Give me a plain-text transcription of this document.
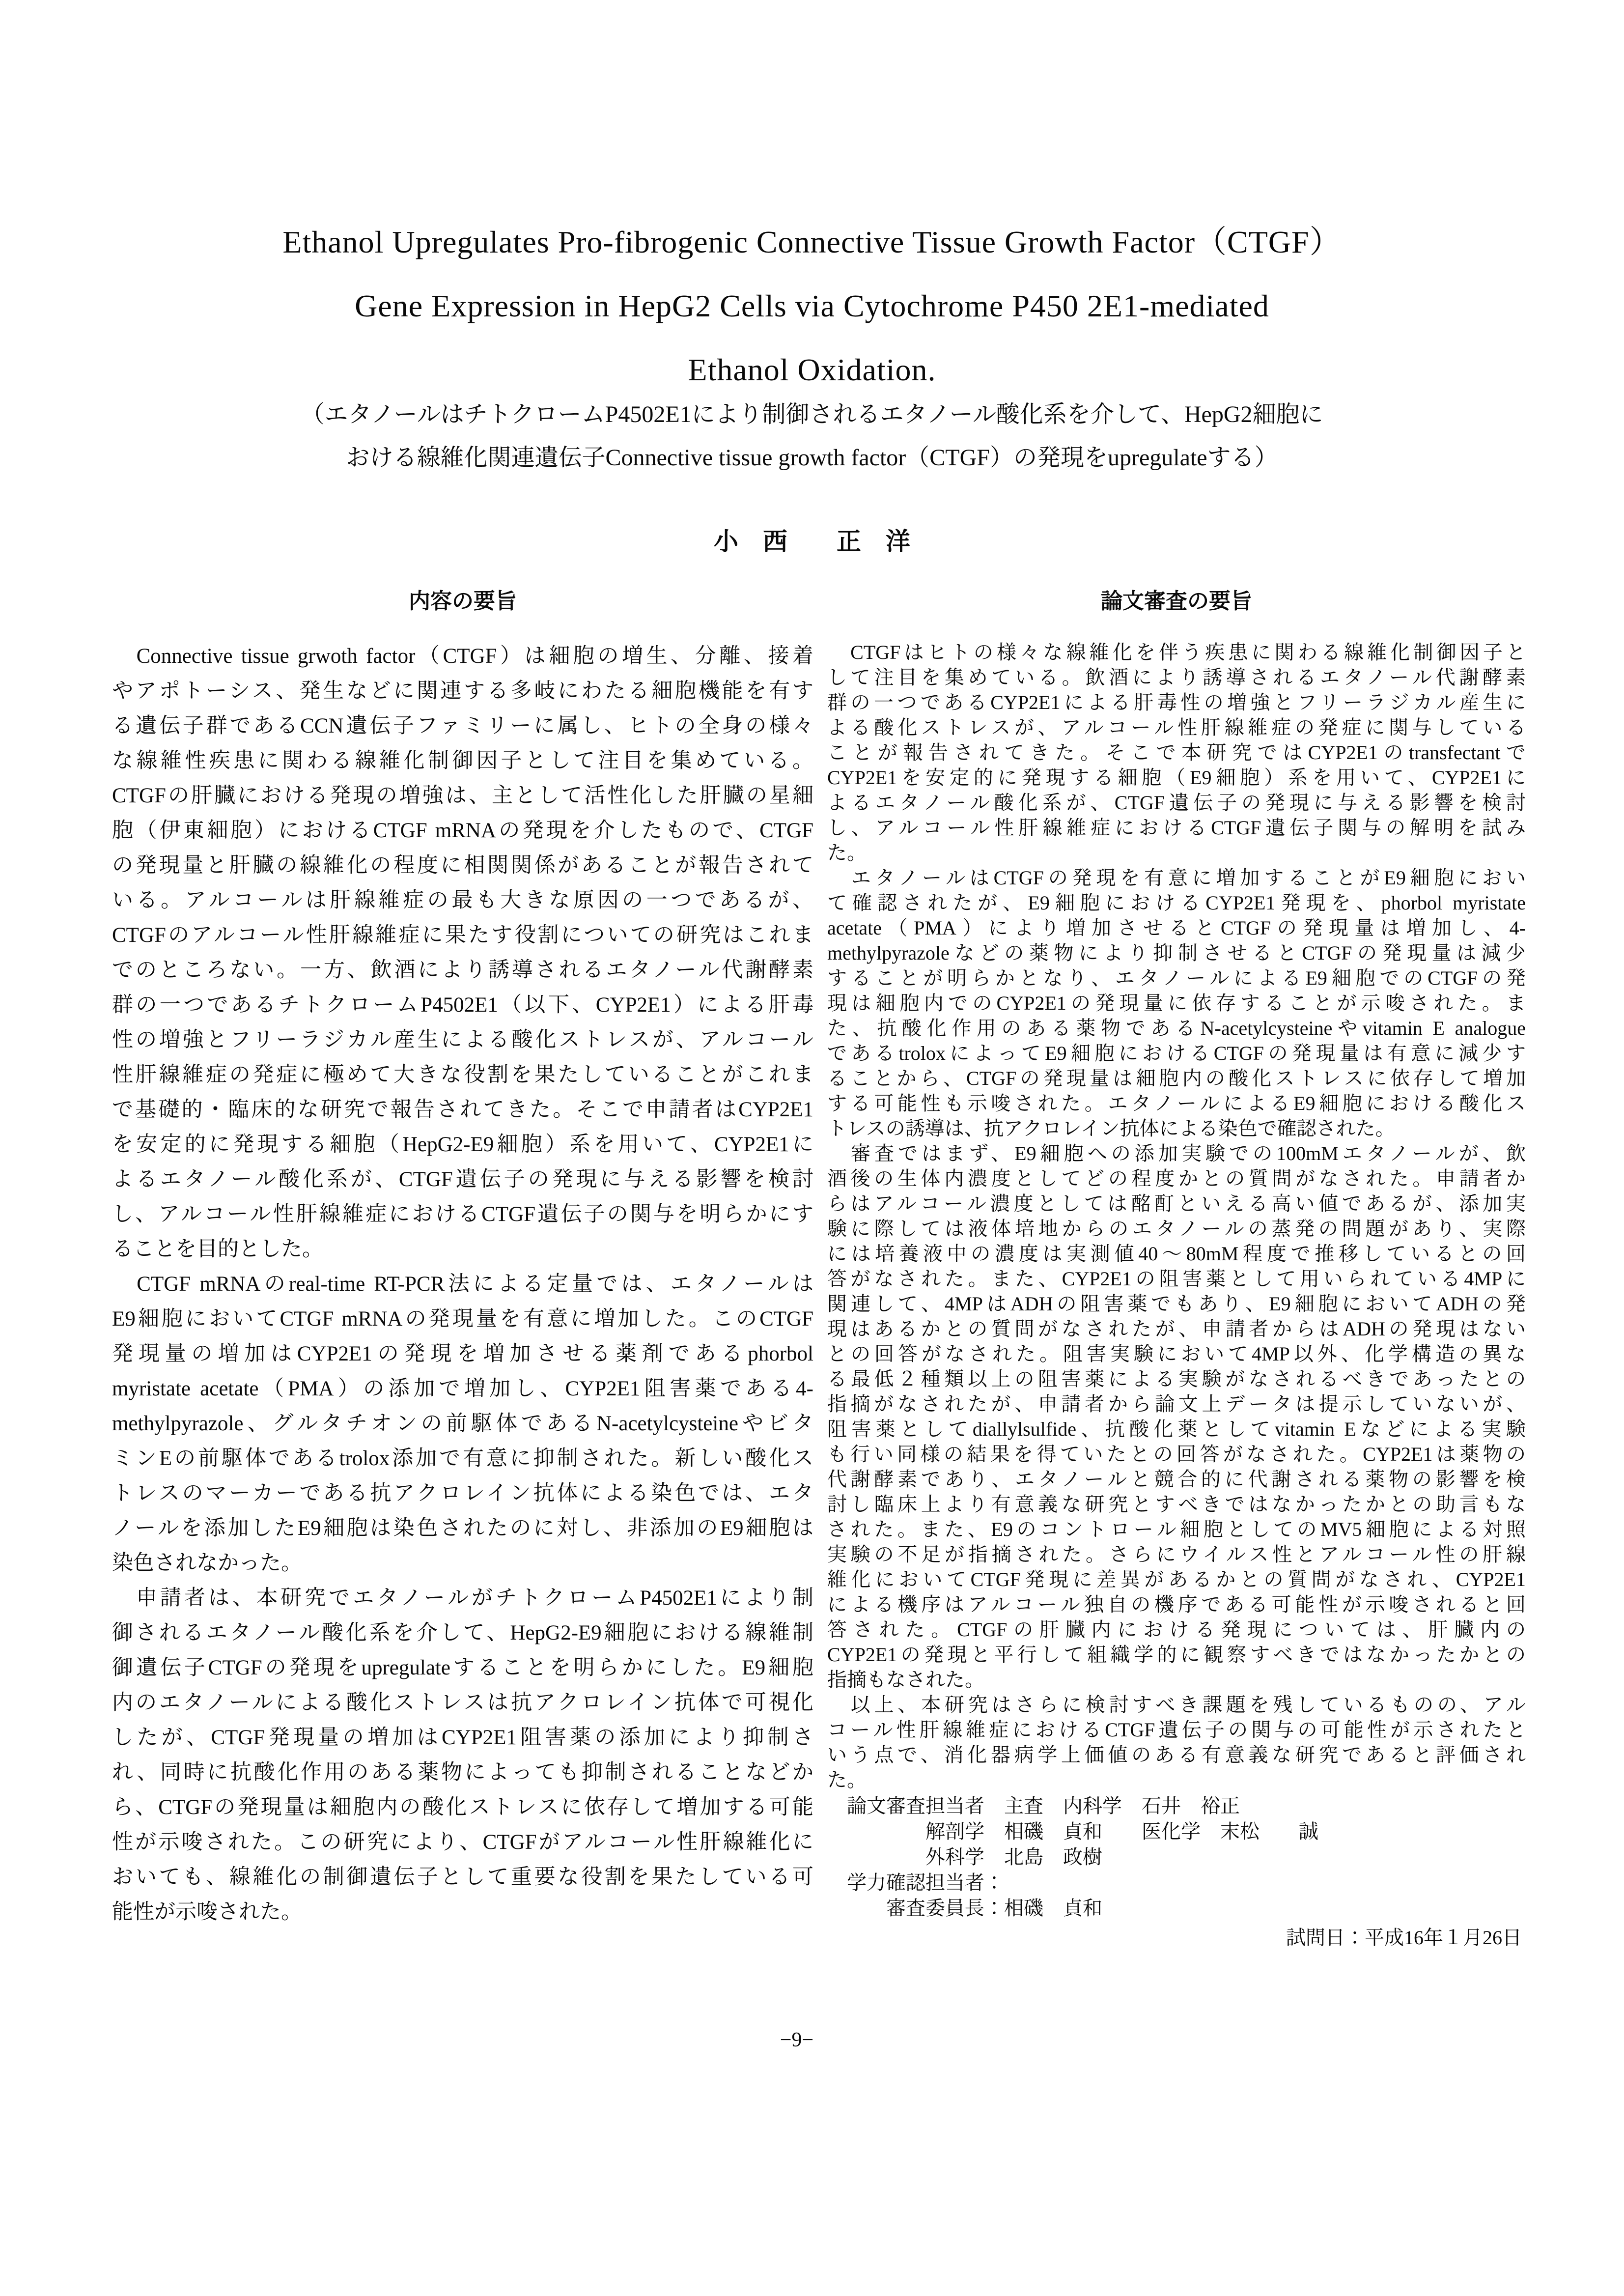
Ethanol Upregulates Pro-fibrogenic Connective Tissue Growth Factor（CTGF）
Gene Expression in HepG2 Cells via Cytochrome P450 2E1-mediated
Ethanol Oxidation.
（エタノールはチトクロームP4502E1により制御されるエタノール酸化系を介して、HepG2細胞に
おける線維化関連遺伝子Connective tissue growth factor（CTGF）の発現をupregulateする）
小　西　　正　洋
内容の要旨	論文審査の要旨
　Connective tissue grwoth factor（CTGF）は細胞の増生、分離、接着
やアポトーシス、発生などに関連する多岐にわたる細胞機能を有す
る遺伝子群であるCCN遺伝子ファミリーに属し、ヒトの全身の様々
な線維性疾患に関わる線維化制御因子として注目を集めている。
CTGFの肝臓における発現の増強は、主として活性化した肝臓の星細
胞（伊東細胞）におけるCTGF mRNAの発現を介したもので、CTGF
の発現量と肝臓の線維化の程度に相関関係があることが報告されて
いる。アルコールは肝線維症の最も大きな原因の一つであるが、
CTGFのアルコール性肝線維症に果たす役割についての研究はこれま
でのところない。一方、飲酒により誘導されるエタノール代謝酵素
群の一つであるチトクロームP4502E1（以下、CYP2E1）による肝毒
性の増強とフリーラジカル産生による酸化ストレスが、アルコール
性肝線維症の発症に極めて大きな役割を果たしていることがこれま
で基礎的・臨床的な研究で報告されてきた。そこで申請者はCYP2E1
を安定的に発現する細胞（HepG2-E9細胞）系を用いて、CYP2E1に
よるエタノール酸化系が、CTGF遺伝子の発現に与える影響を検討
し、アルコール性肝線維症におけるCTGF遺伝子の関与を明らかにす
ることを目的とした。
　CTGF mRNAのreal-time RT-PCR法による定量では、エタノールは
E9細胞においてCTGF mRNAの発現量を有意に増加した。このCTGF
発現量の増加はCYP2E1の発現を増加させる薬剤であるphorbol
myristate acetate（PMA）の添加で増加し、CYP2E1阻害薬である4-
methylpyrazole、グルタチオンの前駆体であるN-acetylcysteineやビタ
ミンEの前駆体であるtrolox添加で有意に抑制された。新しい酸化ス
トレスのマーカーである抗アクロレイン抗体による染色では、エタ
ノールを添加したE9細胞は染色されたのに対し、非添加のE9細胞は
染色されなかった。
　申請者は、本研究でエタノールがチトクロームP4502E1により制
御されるエタノール酸化系を介して、HepG2-E9細胞における線維制
御遺伝子CTGFの発現をupregulateすることを明らかにした。E9細胞
内のエタノールによる酸化ストレスは抗アクロレイン抗体で可視化
したが、CTGF発現量の増加はCYP2E1阻害薬の添加により抑制さ
れ、同時に抗酸化作用のある薬物によっても抑制されることなどか
ら、CTGFの発現量は細胞内の酸化ストレスに依存して増加する可能
性が示唆された。この研究により、CTGFがアルコール性肝線維化に
おいても、線維化の制御遺伝子として重要な役割を果たしている可
能性が示唆された。
　CTGFはヒトの様々な線維化を伴う疾患に関わる線維化制御因子と
して注目を集めている。飲酒により誘導されるエタノール代謝酵素
群の一つであるCYP2E1による肝毒性の増強とフリーラジカル産生に
よる酸化ストレスが、アルコール性肝線維症の発症に関与している
ことが報告されてきた。そこで本研究ではCYP2E1のtransfectantで
CYP2E1を安定的に発現する細胞（E9細胞）系を用いて、CYP2E1に
よるエタノール酸化系が、CTGF遺伝子の発現に与える影響を検討
し、アルコール性肝線維症におけるCTGF遺伝子関与の解明を試み
た。
　エタノールはCTGFの発現を有意に増加することがE9細胞におい
て確認されたが、E9細胞におけるCYP2E1発現を、phorbol myristate
acetate（PMA）により増加させるとCTGFの発現量は増加し、4-
methylpyrazoleなどの薬物により抑制させるとCTGFの発現量は減少
することが明らかとなり、エタノールによるE9細胞でのCTGFの発
現は細胞内でのCYP2E1の発現量に依存することが示唆された。ま
た、抗酸化作用のある薬物であるN-acetylcysteineやvitamin E analogue
であるtroloxによってE9細胞におけるCTGFの発現量は有意に減少す
ることから、CTGFの発現量は細胞内の酸化ストレスに依存して増加
する可能性も示唆された。エタノールによるE9細胞における酸化ス
トレスの誘導は、抗アクロレイン抗体による染色で確認された。
　審査ではまず、E9細胞への添加実験での100mMエタノールが、飲
酒後の生体内濃度としてどの程度かとの質問がなされた。申請者か
らはアルコール濃度としては酩酊といえる高い値であるが、添加実
験に際しては液体培地からのエタノールの蒸発の問題があり、実際
には培養液中の濃度は実測値40～80mM程度で推移しているとの回
答がなされた。また、CYP2E1の阻害薬として用いられている4MPに
関連して、4MPはADHの阻害薬でもあり、E9細胞においてADHの発
現はあるかとの質問がなされたが、申請者からはADHの発現はない
との回答がなされた。阻害実験において4MP以外、化学構造の異な
る最低２種類以上の阻害薬による実験がなされるべきであったとの
指摘がなされたが、申請者から論文上データは提示していないが、
阻害薬としてdiallylsulfide、抗酸化薬としてvitamin Eなどによる実験
も行い同様の結果を得ていたとの回答がなされた。CYP2E1は薬物の
代謝酵素であり、エタノールと競合的に代謝される薬物の影響を検
討し臨床上より有意義な研究とすべきではなかったかとの助言もな
された。また、E9のコントロール細胞としてのMV5細胞による対照
実験の不足が指摘された。さらにウイルス性とアルコール性の肝線
維化においてCTGF発現に差異があるかとの質問がなされ、CYP2E1
による機序はアルコール独自の機序である可能性が示唆されると回
答された。CTGFの肝臓内における発現については、肝臓内の
CYP2E1の発現と平行して組織学的に観察すべきではなかったかとの
指摘もなされた。
　以上、本研究はさらに検討すべき課題を残しているものの、アル
コール性肝線維症におけるCTGF遺伝子の関与の可能性が示されたと
いう点で、消化器病学上価値のある有意義な研究であると評価され
た。
　論文審査担当者　主査　内科学　石井　裕正
　　　　　解剖学　相磯　貞和　　医化学　末松　　誠
　　　　　外科学　北島　政樹
　学力確認担当者：
　　　審査委員長：相磯　貞和
試問日：平成16年１月26日
−9−
